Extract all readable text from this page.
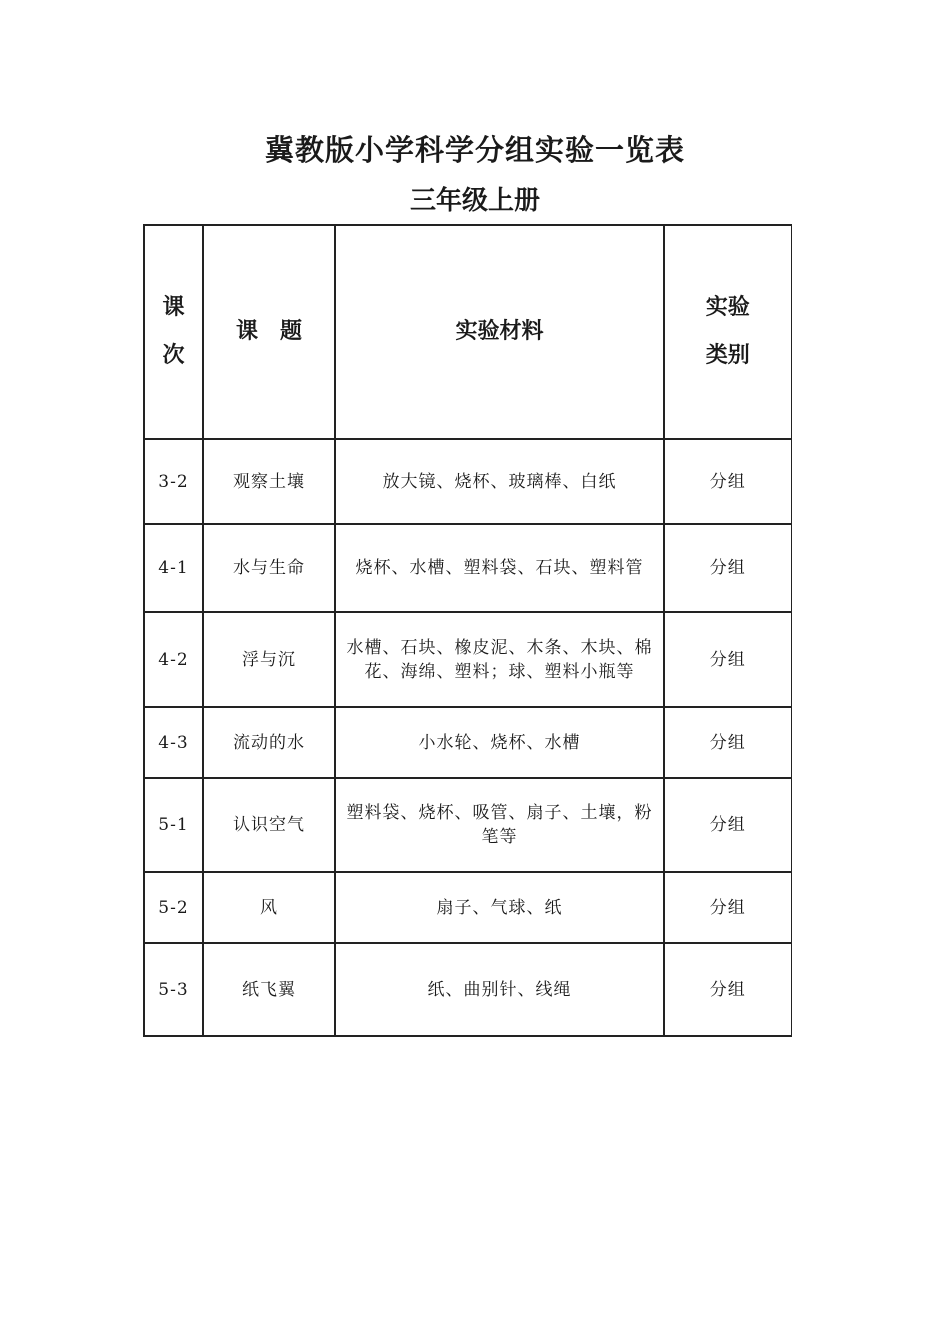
冀教版小学科学分组实验一览表
三年级上册
课次	课　题	实验材料	实验类别
3-2	观察土壤	放大镜、烧杯、玻璃棒、白纸	分组
4-1	水与生命	烧杯、水槽、塑料袋、石块、塑料管	分组
4-2	浮与沉	水槽、石块、橡皮泥、木条、木块、棉花、海绵、塑料；球、塑料小瓶等	分组
4-3	流动的水	小水轮、烧杯、水槽	分组
5-1	认识空气	塑料袋、烧杯、吸管、扇子、土壤，粉笔等	分组
5-2	风	扇子、气球、纸	分组
5-3	纸飞翼	纸、曲别针、线绳	分组
